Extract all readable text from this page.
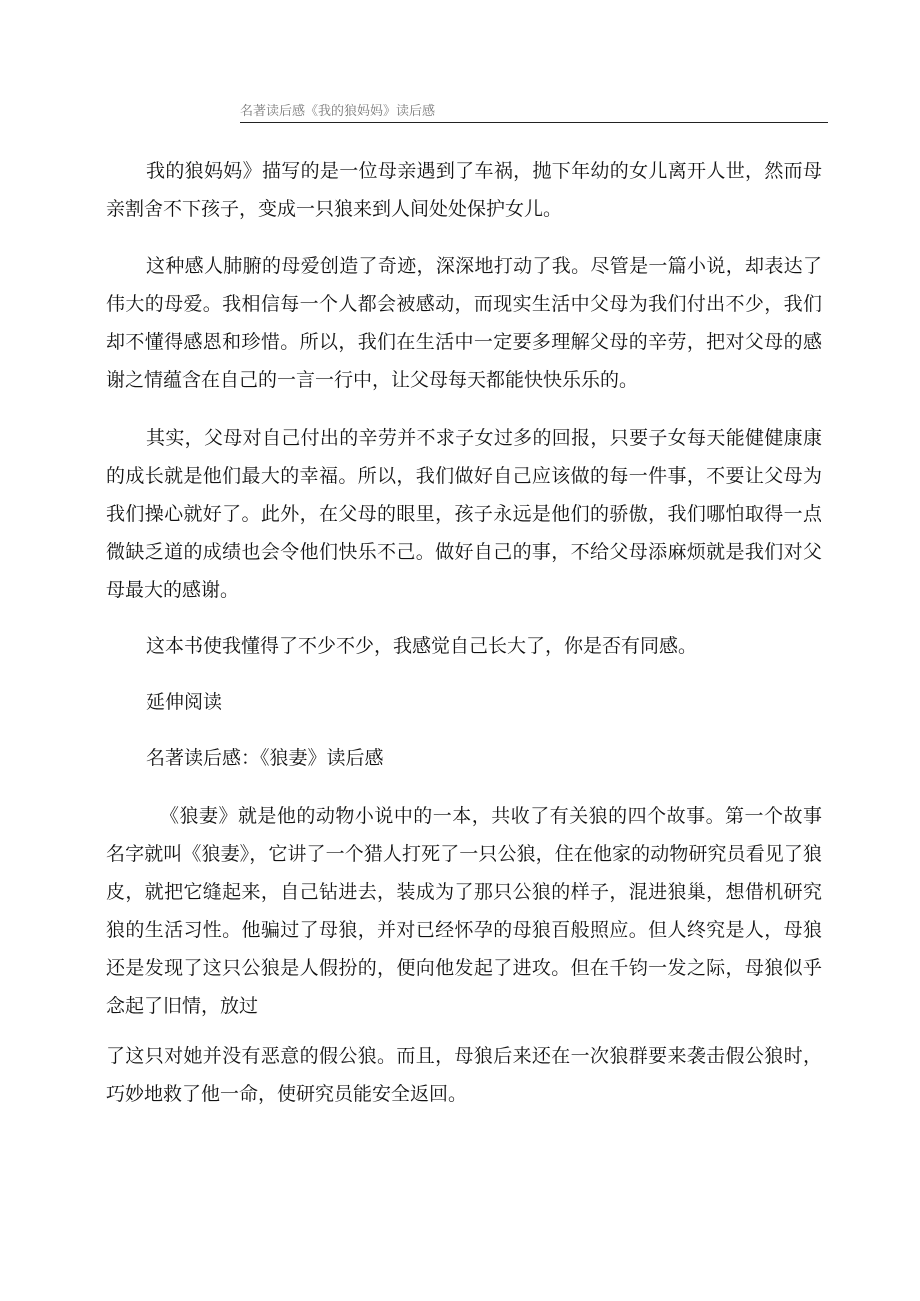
名著读后感《我的狼妈妈》读后感

我的狼妈妈》描写的是一位母亲遇到了车祸，抛下年幼的女儿离开人世，然而母亲割舍不下孩子，变成一只狼来到人间处处保护女儿。

这种感人肺腑的母爱创造了奇迹，深深地打动了我。尽管是一篇小说，却表达了伟大的母爱。我相信每一个人都会被感动，而现实生活中父母为我们付出不少，我们却不懂得感恩和珍惜。所以，我们在生活中一定要多理解父母的辛劳，把对父母的感谢之情蕴含在自己的一言一行中，让父母每天都能快快乐乐的。

其实，父母对自己付出的辛劳并不求子女过多的回报，只要子女每天能健健康康的成长就是他们最大的幸福。所以，我们做好自己应该做的每一件事，不要让父母为我们操心就好了。此外，在父母的眼里，孩子永远是他们的骄傲，我们哪怕取得一点微缺乏道的成绩也会令他们快乐不己。做好自己的事，不给父母添麻烦就是我们对父母最大的感谢。

这本书使我懂得了不少不少，我感觉自己长大了，你是否有同感。

延伸阅读

名著读后感：《狼妻》读后感

《狼妻》就是他的动物小说中的一本，共收了有关狼的四个故事。第一个故事名字就叫《狼妻》，它讲了一个猎人打死了一只公狼，住在他家的动物研究员看见了狼皮，就把它缝起来，自己钻进去，装成为了那只公狼的样子，混进狼巢，想借机研究狼的生活习性。他骗过了母狼，并对已经怀孕的母狼百般照应。但人终究是人，母狼还是发现了这只公狼是人假扮的，便向他发起了进攻。但在千钧一发之际，母狼似乎念起了旧情，放过

了这只对她并没有恶意的假公狼。而且，母狼后来还在一次狼群要来袭击假公狼时，巧妙地救了他一命，使研究员能安全返回。
